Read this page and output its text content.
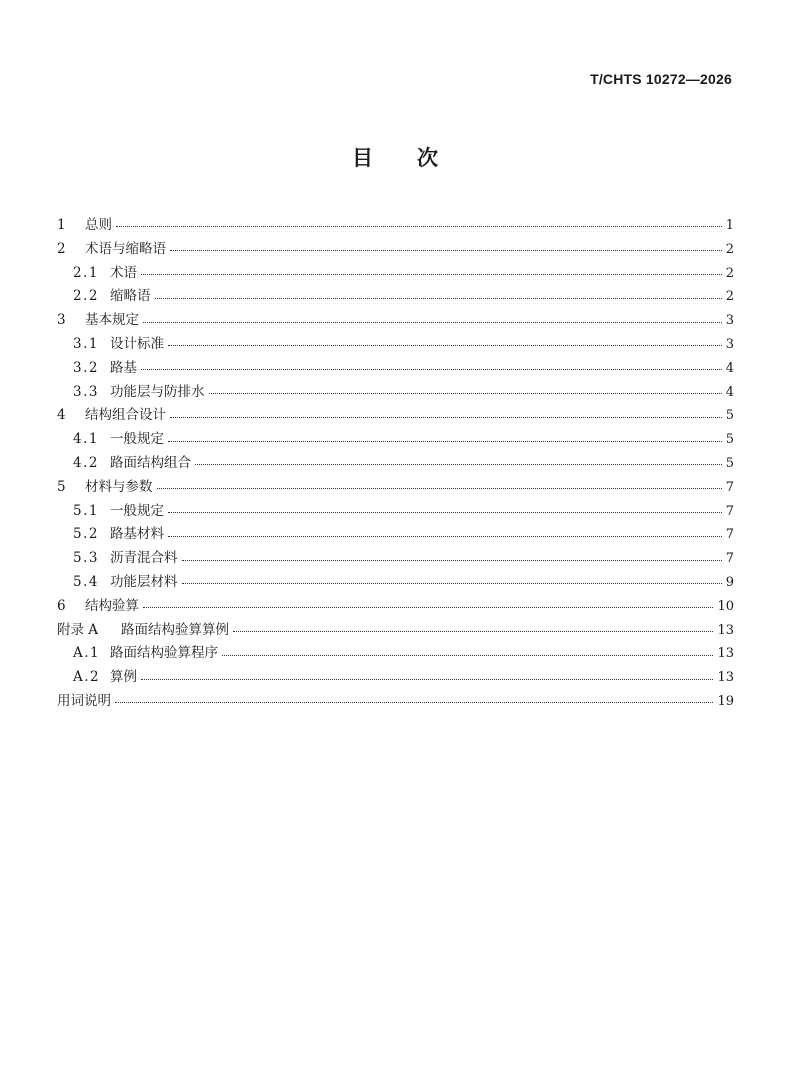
T/CHTS 10272—2026
目次
1	总则	1
2	术语与缩略语	2
2.1 术语	2
2.2 缩略语	2
3	基本规定	3
3.1 设计标准	3
3.2 路基	4
3.3 功能层与防排水	4
4	结构组合设计	5
4.1 一般规定	5
4.2 路面结构组合	5
5	材料与参数	7
5.1 一般规定	7
5.2 路基材料	7
5.3 沥青混合料	7
5.4 功能层材料	9
6	结构验算	10
附录 A	路面结构验算算例	13
A.1 路面结构验算程序	13
A.2 算例	13
用词说明	19
